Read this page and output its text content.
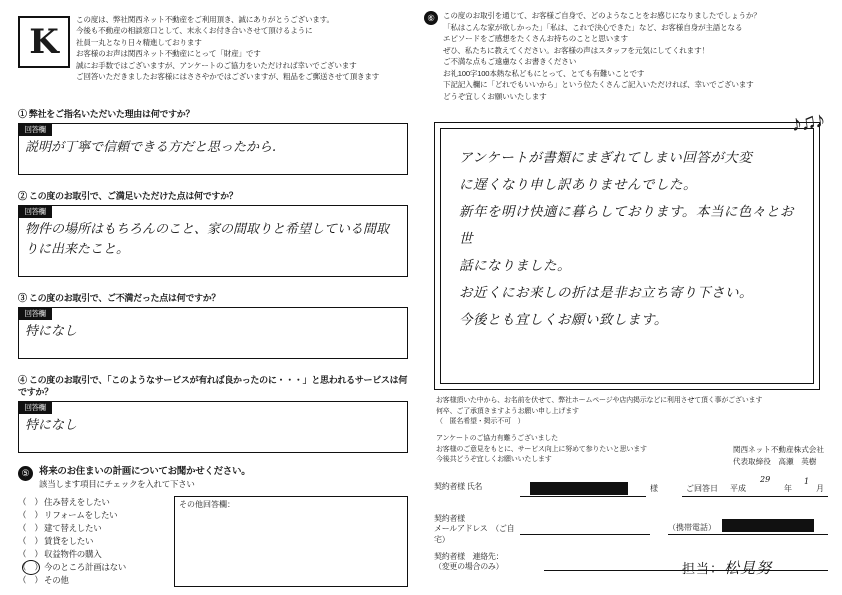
K

この度は、弊社関西ネット不動産をご利用頂き、誠にありがとうございます。

今後も不動産の相談窓口として、末永くお付き合いさせて頂けるように

社員一丸となり日々精進しております

お客様のお声は関西ネット不動産にとって「財産」です

誠にお手数ではございますが、アンケートのご協力をいただければ幸いでございます

ご回答いただきましたお客様にはささやかではございますが、粗品をご郵送させて頂きます

① 弊社をご指名いただいた理由は何ですか？
回答欄
説明が丁寧で信頼できる方だと思ったから.
② この度のお取引で、ご満足いただけた点は何ですか？
回答欄
物件の場所はもちろんのこと、家の間取りと希望している間取りに出来たこと。
③ この度のお取引で、ご不満だった点は何ですか？
回答欄
特になし
④ この度のお取引で、「このようなサービスが有れば良かったのに・・・」と思われるサービスは何ですか？
回答欄
特になし
⑤ 将来のお住まいの計画についてお聞かせください。
該当します項目にチェックを入れて下さい
（　） 住み替えをしたい
（　） リフォームをしたい
（　） 建て替えしたい
（　） 賃貸をしたい
（　） 収益物件の購入
（　） 今のところ計画はない
（　） その他
その他回答欄：
⑥	この度のお取引を通じて、お客様ご自身で、どのようなことをお感じになりましたでしょうか？

「私はこんな家が欲しかった」「私は、これで決心できた」など、お客様自身が主語となる

エピソードをご感想をたくさんお持ちのことと思います

ぜひ、私たちに教えてください。お客様の声はスタッフを元気にしてくれます！

ご不満な点もご遠慮なくお書きください

お礼100字100本熱な私どもにとって、とても有難いことです

下記記入欄に「どれでもいいから」という位たくさんご記入いただければ、幸いでございます

どうぞ宜しくお願いいたします

♪♫♪
アンケートが書類にまぎれてしまい回答が大変
に遅くなり申し訳ありませんでした。
新年を明け快適に暮らしております。本当に色々とお世
話になりました。
お近くにお来しの折は是非お立ち寄り下さい。
今後とも宜しくお願い致します。

お客様頂いた中から、お名前を伏せて、弊社ホームページや店内掲示などに利用させて頂く事がございます

何卒、ご了承頂きますようお願い申し上げます

（　匿名希望・掲示不可　）

アンケートのご協力有難うございました

お客様のご意見をもとに、サービス向上に努めて参りたいと思います

今後共どうぞ宜しくお願いいたします

関西ネット不動産株式会社

代表取締役　高瀬　英樹

契約者様 氏名	様	ご回答日 平成
29
年
1
月
契約者様
メールアドレス　（ご自宅）
（携帯電話）
契約者様　連絡先：
（変更の場合のみ）	担当：松見努
